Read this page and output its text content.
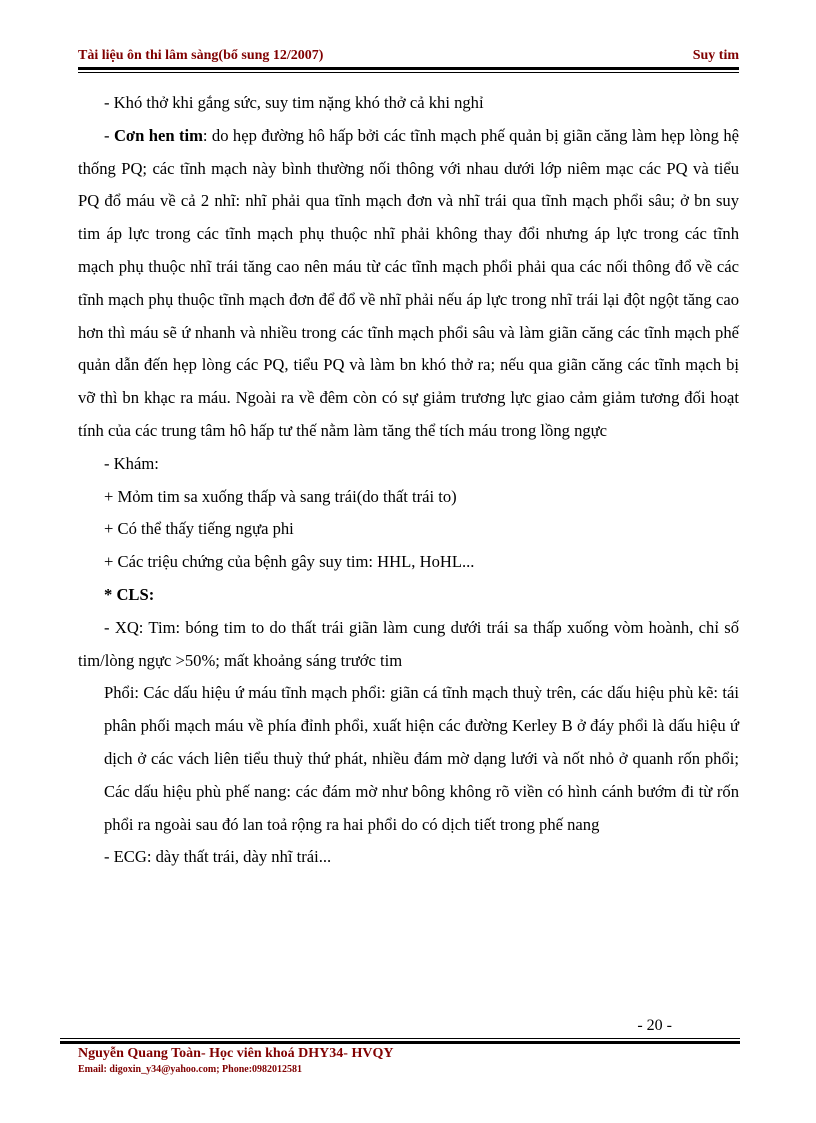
Tài liệu ôn thi lâm sàng(bổ sung 12/2007)	Suy tim

- Khó thở khi gắng sức, suy tim nặng khó thở cả khi nghỉ

- Cơn hen tim: do hẹp đường hô hấp bởi các tĩnh mạch phế quản bị giãn căng làm hẹp lòng hệ thống PQ; các tĩnh mạch này bình thường nối thông với nhau dưới lớp niêm mạc các PQ và tiểu PQ đổ máu về cả 2 nhĩ: nhĩ phải qua tĩnh mạch đơn và nhĩ trái qua tĩnh mạch phổi sâu; ở bn suy tim áp lực trong các tĩnh mạch phụ thuộc nhĩ phải không thay đổi nhưng áp lực trong các tĩnh mạch phụ thuộc nhĩ trái tăng cao nên máu từ các tĩnh mạch phổi phải qua các nối thông đổ về các tĩnh mạch phụ thuộc tĩnh mạch đơn để đổ về nhĩ phải nếu áp lực trong nhĩ trái lại đột ngột tăng cao hơn thì máu sẽ ứ nhanh và nhiều trong các tĩnh mạch phổi sâu và làm giãn căng các tĩnh mạch phế quản dẫn đến hẹp lòng các PQ, tiểu PQ và làm bn khó thở ra; nếu qua giãn căng các tĩnh mạch bị vỡ thì bn khạc ra máu. Ngoài ra về đêm còn có sự giảm trương lực giao cảm giảm tương đối hoạt tính của các trung tâm hô hấp tư thế nằm làm tăng thể tích máu trong lồng ngực

- Khám:

+ Mỏm tim sa xuống thấp và sang trái(do thất trái to)

+ Có thể thấy tiếng ngựa phi

+ Các triệu chứng của bệnh gây suy tim: HHL, HoHL...

* CLS:

- XQ: Tim: bóng tim to do thất trái giãn làm cung dưới trái sa thấp xuống vòm hoành, chỉ số tim/lòng ngực >50%; mất khoảng sáng trước tim

Phổi: Các dấu hiệu ứ máu tĩnh mạch phổi: giãn cá tĩnh mạch thuỳ trên, các dấu hiệu phù kẽ: tái phân phối mạch máu về phía đỉnh phổi, xuất hiện các đường Kerley B ở đáy phổi là dấu hiệu ứ dịch ở các vách liên tiểu thuỳ thứ phát, nhiều đám mờ dạng lưới và nốt nhỏ ở quanh rốn phổi; Các dấu hiệu phù phế nang: các đám mờ như bông không rõ viền có hình cánh bướm đi từ rốn phổi ra ngoài sau đó lan toả rộng ra hai phổi do có dịch tiết trong phế nang

- ECG: dày thất trái, dày nhĩ trái...

- 20 -
Nguyễn Quang Toàn- Học viên khoá DHY34- HVQY
Email: digoxin_y34@yahoo.com; Phone:0982012581
